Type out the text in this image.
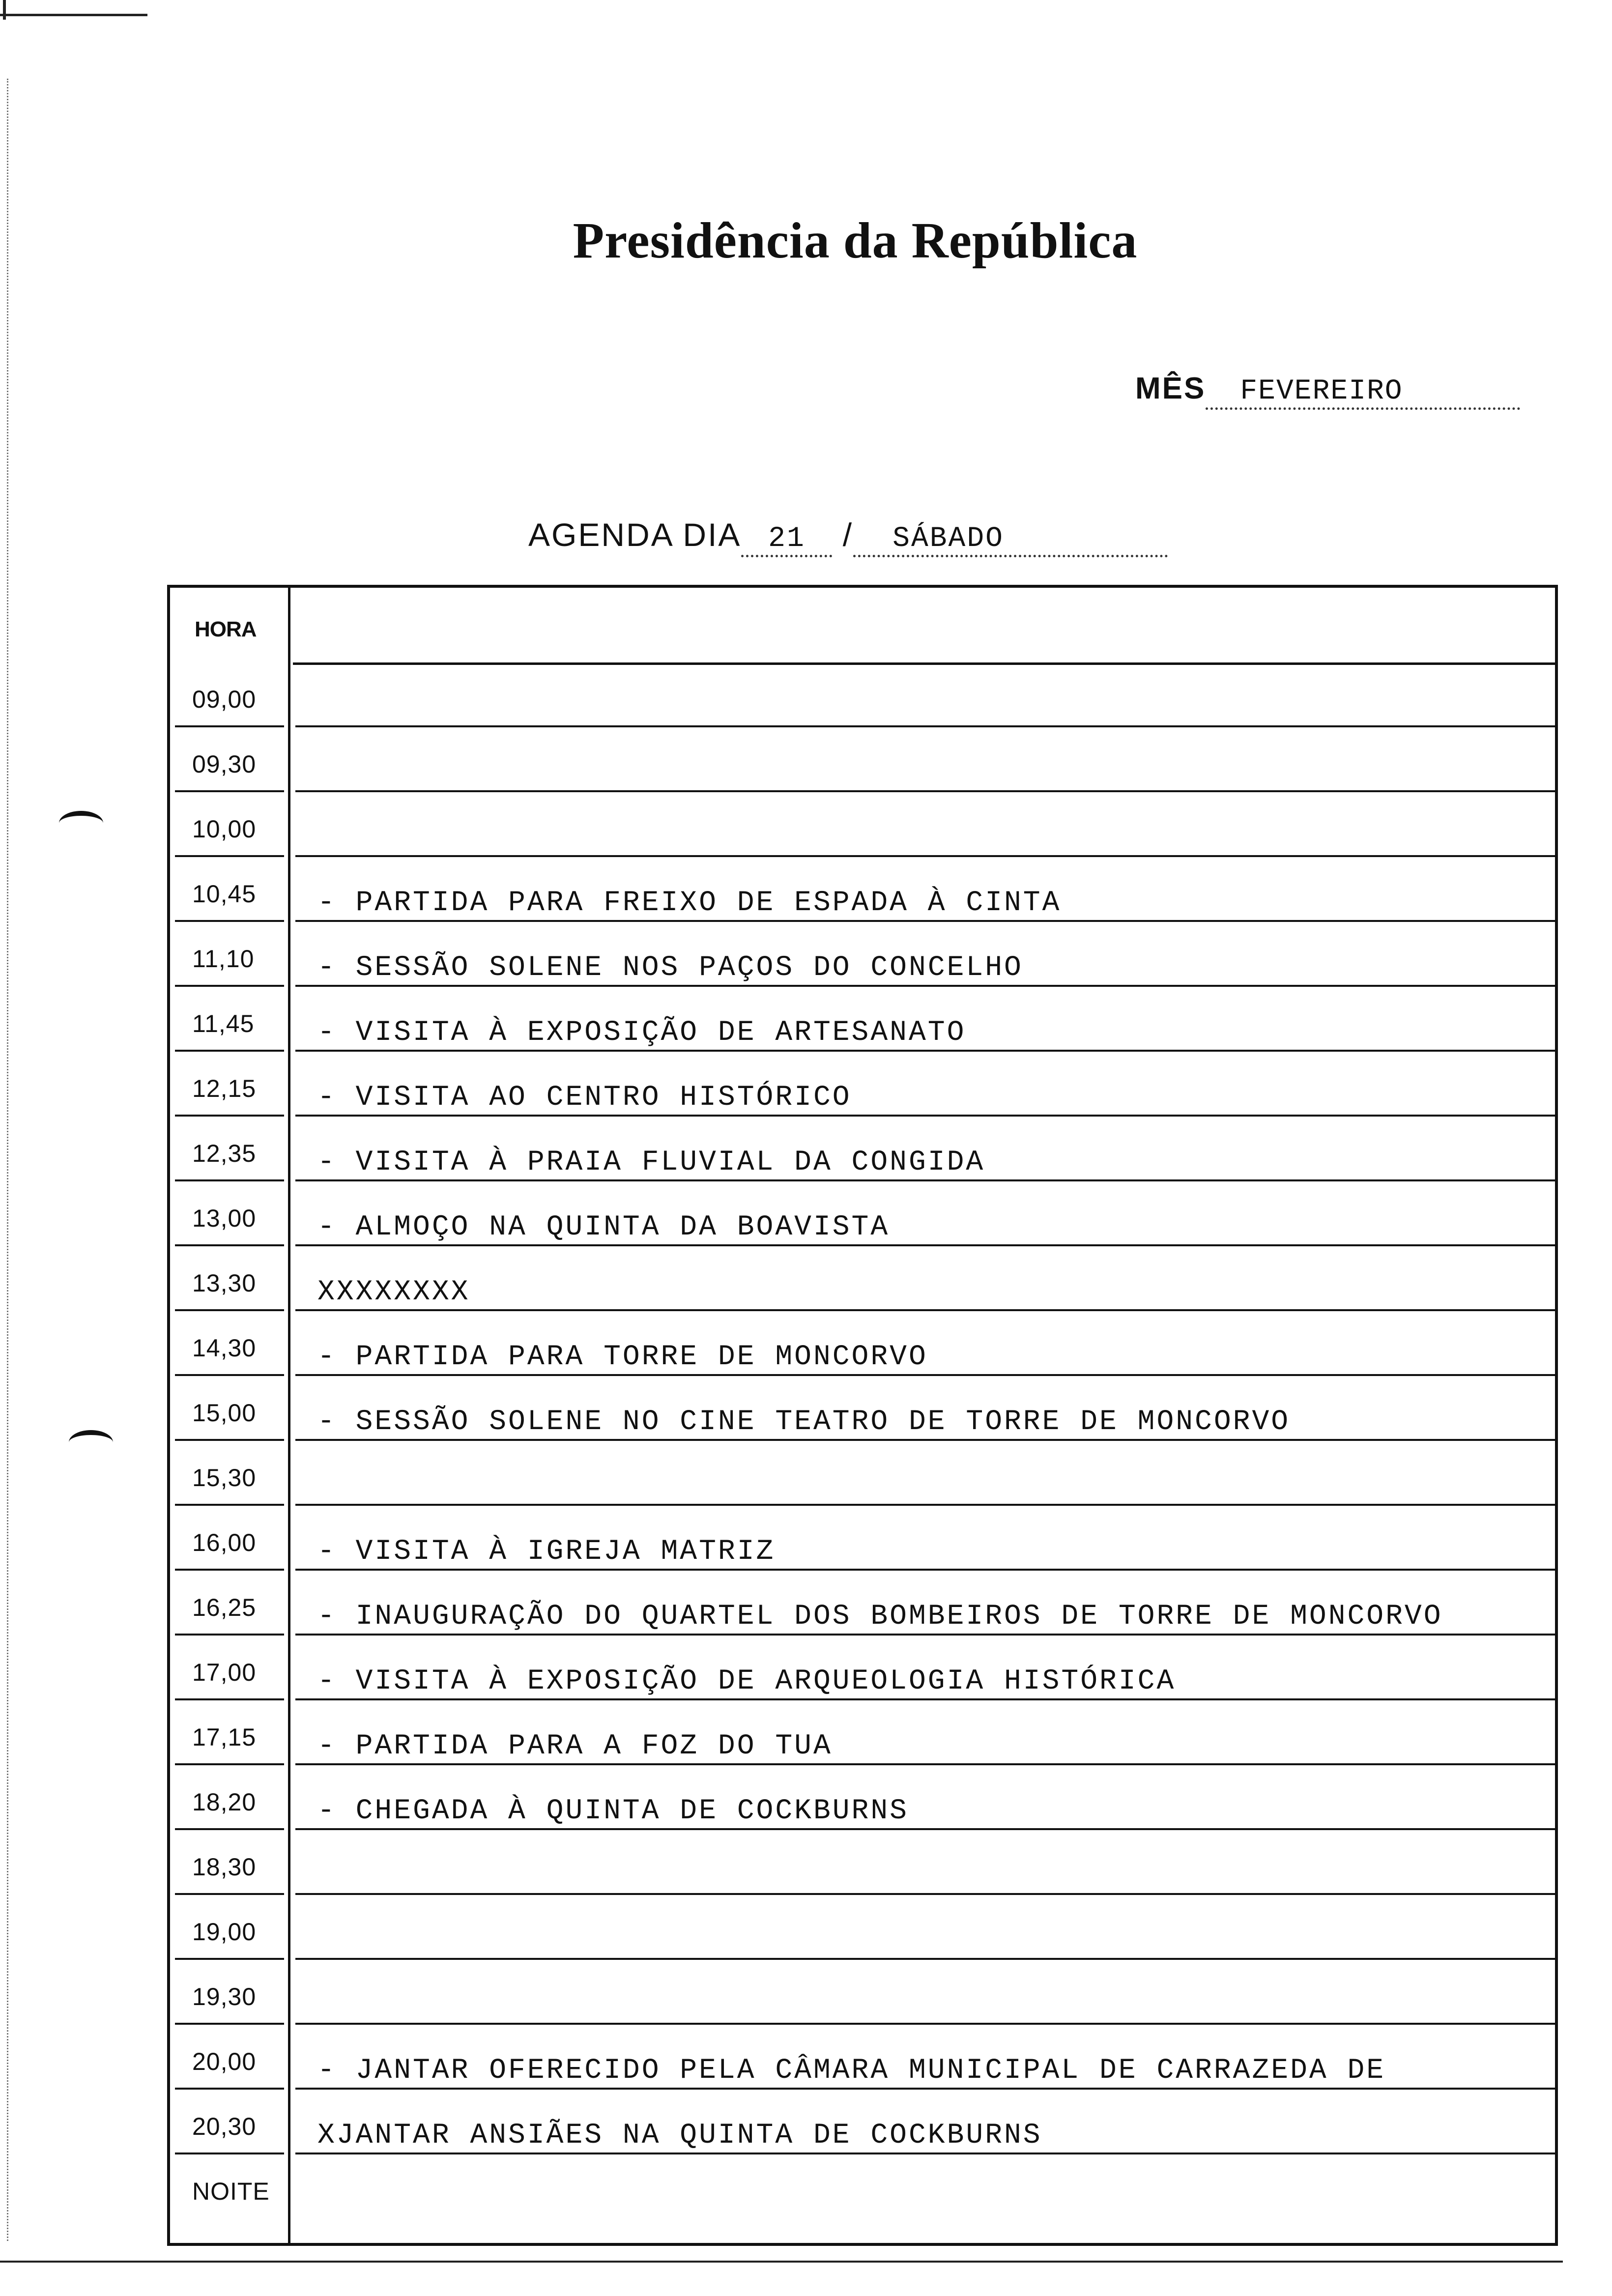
Presidência da República
MÊS FEVEREIRO
AGENDA DIA 21 / SÁBADO
HORA
09,00
09,30
10,00
10,45 - PARTIDA PARA FREIXO DE ESPADA À CINTA
11,10 - SESSÃO SOLENE NOS PAÇOS DO CONCELHO
11,45 - VISITA À EXPOSIÇÃO DE ARTESANATO
12,15 - VISITA AO CENTRO HISTÓRICO
12,35 - VISITA À PRAIA FLUVIAL DA CONGIDA
13,00 - ALMOÇO NA QUINTA DA BOAVISTA
13,30 XXXXXXXX
14,30 - PARTIDA PARA TORRE DE MONCORVO
15,00 - SESSÃO SOLENE NO CINE TEATRO DE TORRE DE MONCORVO
15,30
16,00 - VISITA À IGREJA MATRIZ
16,25 - INAUGURAÇÃO DO QUARTEL DOS BOMBEIROS DE TORRE DE MONCORVO
17,00 - VISITA À EXPOSIÇÃO DE ARQUEOLOGIA HISTÓRICA
17,15 - PARTIDA PARA A FOZ DO TUA
18,20 - CHEGADA À QUINTA DE COCKBURNS
18,30
19,00
19,30
20,00 - JANTAR OFERECIDO PELA CÂMARA MUNICIPAL DE CARRAZEDA DE
20,30 XJANTAR ANSIÃES NA QUINTA DE COCKBURNS
NOITE
